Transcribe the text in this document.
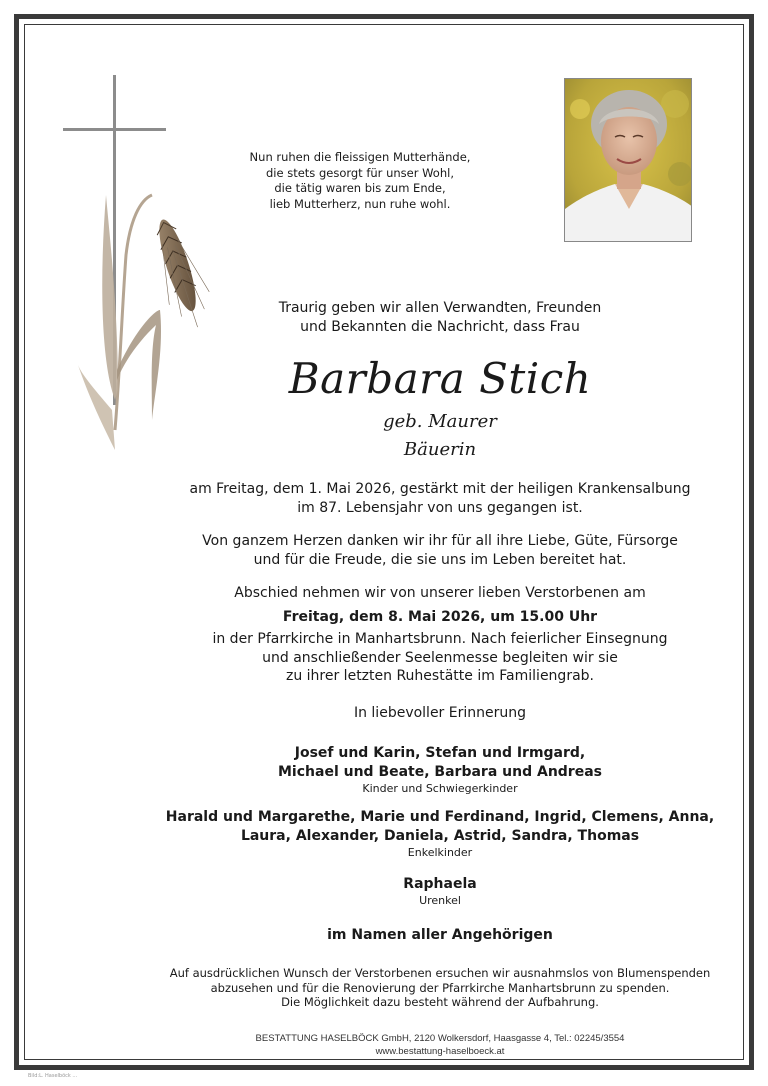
Nun ruhen die fleissigen Mutterhände,
die stets gesorgt für unser Wohl,
die tätig waren bis zum Ende,
lieb Mutterherz, nun ruhe wohl.
Traurig geben wir allen Verwandten, Freunden
und Bekannten die Nachricht, dass Frau
Barbara Stich
geb. Maurer
Bäuerin
am Freitag, dem 1. Mai 2026, gestärkt mit der heiligen Krankensalbung
im 87. Lebensjahr von uns gegangen ist.
Von ganzem Herzen danken wir ihr für all ihre Liebe, Güte, Fürsorge
und für die Freude, die sie uns im Leben bereitet hat.
Abschied nehmen wir von unserer lieben Verstorbenen am
Freitag, dem 8. Mai 2026, um 15.00 Uhr
in der Pfarrkirche in Manhartsbrunn. Nach feierlicher Einsegnung
und anschließender Seelenmesse begleiten wir sie
zu ihrer letzten Ruhestätte im Familiengrab.
In liebevoller Erinnerung
Josef und Karin, Stefan und Irmgard,
Michael und Beate, Barbara und Andreas
Kinder und Schwiegerkinder
Harald und Margarethe, Marie und Ferdinand, Ingrid, Clemens, Anna,
Laura, Alexander, Daniela, Astrid, Sandra, Thomas
Enkelkinder
Raphaela
Urenkel
im Namen aller Angehörigen
Auf ausdrücklichen Wunsch der Verstorbenen ersuchen wir ausnahmslos von Blumenspenden
abzusehen und für die Renovierung der Pfarrkirche Manhartsbrunn zu spenden.
Die Möglichkeit dazu besteht während der Aufbahrung.
BESTATTUNG HASELBÖCK GmbH, 2120 Wolkersdorf, Haasgasse 4, Tel.: 02245/3554
www.bestattung-haselboeck.at
Bild:L. Haselböck ...
